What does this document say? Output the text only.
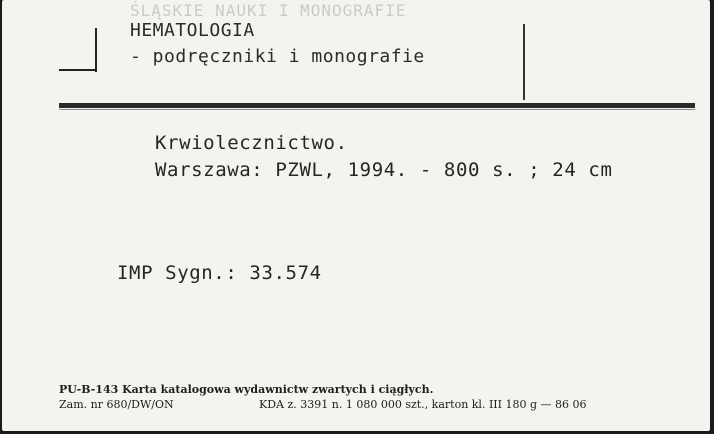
ŚLĄSKIE NAUKI I MONOGRAFIE
HEMATOLOGIA
- podręczniki i monografie
Krwiolecznictwo.
Warszawa: PZWL, 1994. - 800 s. ; 24 cm
IMP Sygn.: 33.574
PU-B-143 Karta katalogowa wydawnictw zwartych i ciągłych.
Zam. nr 680/DW/ON	KDA z. 3391 n. 1 080 000 szt., karton kl. III 180 g — 86 06
